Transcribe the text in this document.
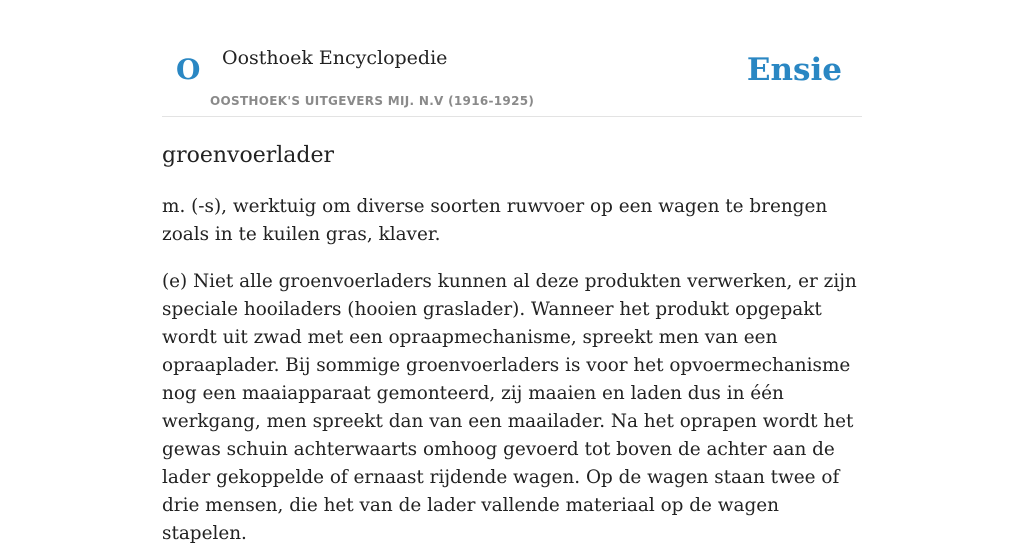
O Oosthoek Encyclopedie
OOSTHOEK'S UITGEVERS MIJ. N.V (1916-1925)
Ensie
groenvoerlader

m. (-s), werktuig om diverse soorten ruwvoer op een wagen te brengen zoals in te kuilen gras, klaver.

(e) Niet alle groenvoerladers kunnen al deze produkten verwerken, er zijn speciale hooiladers (hooien graslader). Wanneer het produkt opgepakt wordt uit zwad met een opraapmechanisme, spreekt men van een opraaplader. Bij sommige groenvoerladers is voor het opvoermechanisme nog een maaiapparaat gemonteerd, zij maaien en laden dus in één werkgang, men spreekt dan van een maailader. Na het oprapen wordt het gewas schuin achterwaarts omhoog gevoerd tot boven de achter aan de lader gekoppelde of ernaast rijdende wagen. Op de wagen staan twee of drie mensen, die het van de lader vallende materiaal op de wagen stapelen.
